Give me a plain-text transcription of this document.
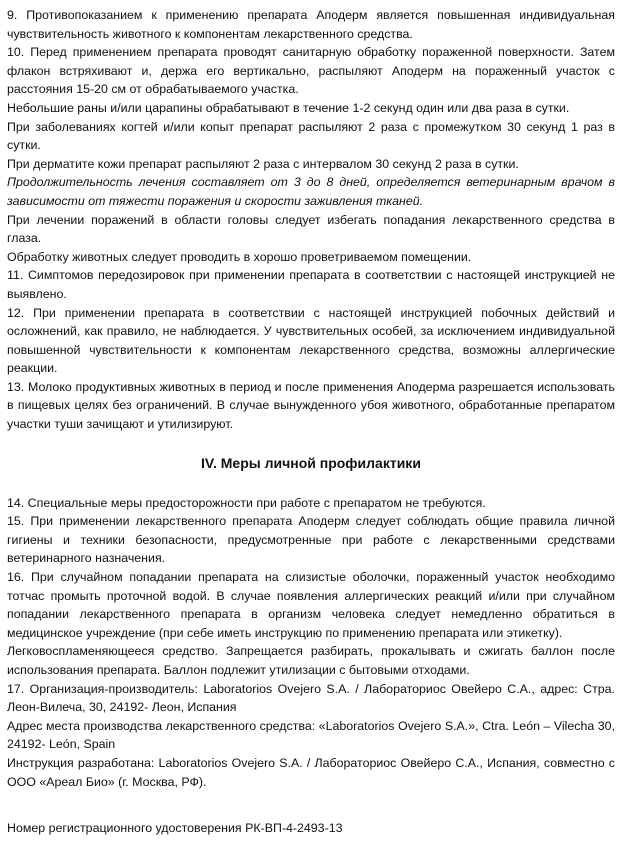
9. Противопоказанием к применению препарата Аподерм является повышенная индивидуальная чувствительность животного к компонентам лекарственного средства.

10. Перед применением препарата проводят санитарную обработку пораженной поверхности. Затем флакон встряхивают и, держа его вертикально, распыляют Аподерм на пораженный участок с расстояния 15-20 см от обрабатываемого участка.

Небольшие раны и/или царапины обрабатывают в течение 1-2 секунд один или два раза в сутки.

При заболеваниях когтей и/или копыт препарат распыляют 2 раза с промежутком 30 секунд 1 раз в сутки.

При дерматите кожи препарат распыляют 2 раза с интервалом 30 секунд 2 раза в сутки.

Продолжительность лечения составляет от 3 до 8 дней, определяется ветеринарным врачом в зависимости от тяжести поражения и скорости заживления тканей.

При лечении поражений в области головы следует избегать попадания лекарственного средства в глаза.

Обработку животных следует проводить в хорошо проветриваемом помещении.

11. Симптомов передозировок при применении препарата в соответствии с настоящей инструкцией не выявлено.

12. При применении препарата в соответствии с настоящей инструкцией побочных действий и осложнений, как правило, не наблюдается. У чувствительных особей, за исключением индивидуальной повышенной чувствительности к компонентам лекарственного средства, возможны аллергические реакции.

13. Молоко продуктивных животных в период и после применения Аподерма разрешается использовать в пищевых целях без ограничений. В случае вынужденного убоя животного, обработанные препаратом участки туши зачищают и утилизируют.

IV. Меры личной профилактики

14. Специальные меры предосторожности при работе с препаратом не требуются.

15. При применении лекарственного препарата Аподерм следует соблюдать общие правила личной гигиены и техники безопасности, предусмотренные при работе с лекарственными средствами ветеринарного назначения.

16. При случайном попадании препарата на слизистые оболочки, пораженный участок необходимо тотчас промыть проточной водой. В случае появления аллергических реакций и/или при случайном попадании лекарственного препарата в организм человека следует немедленно обратиться в медицинское учреждение (при себе иметь инструкцию по применению препарата или этикетку).

Легковоспламеняющееся средство. Запрещается разбирать, прокалывать и сжигать баллон после использования препарата. Баллон подлежит утилизации с бытовыми отходами.

17. Организация-производитель: Laboratorios Ovejero S.A. / Лабораториос Овейеро С.А., адрес: Стра. Леон-Вилеча, 30, 24192- Леон, Испания

Адрес места производства лекарственного средства: «Laboratorios Ovejero S.A.», Ctra. León – Vilecha 30, 24192- León, Spain

Инструкция разработана: Laboratorios Ovejero S.A. / Лабораториос Овейеро С.А., Испания, совместно с ООО «Ареал Био» (г. Москва, РФ).

Номер регистрационного удостоверения РК-ВП-4-2493-13
